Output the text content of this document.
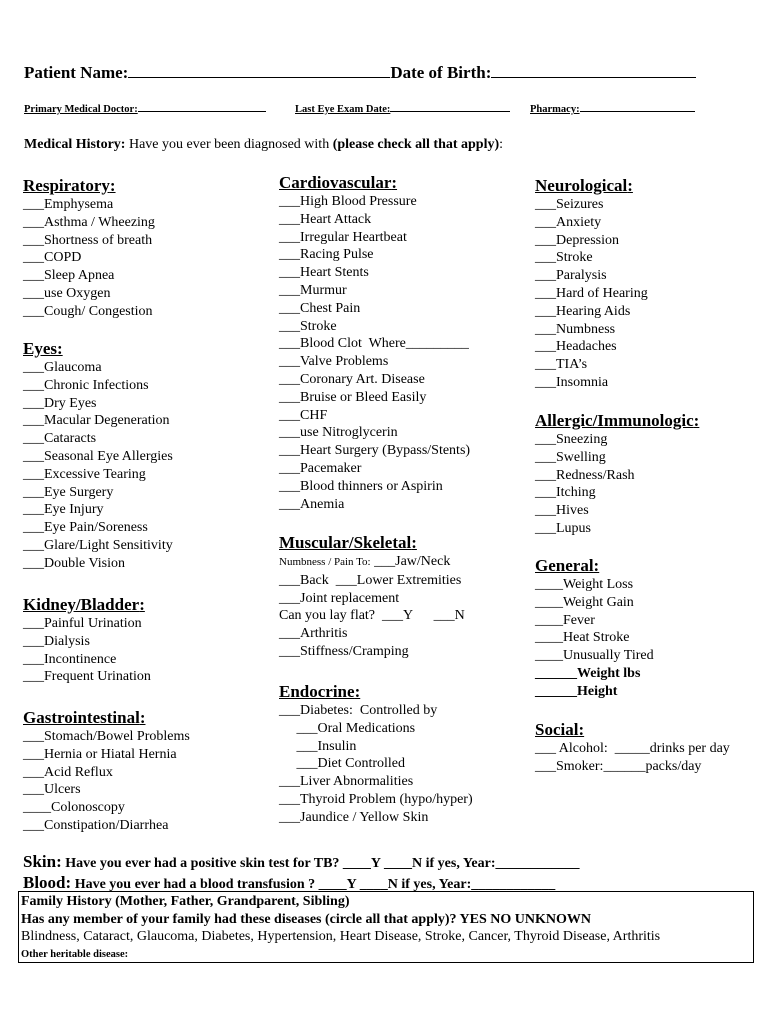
Patient Name:	Date of Birth:
Primary Medical Doctor:	Last Eye Exam Date:	Pharmacy:
Medical History: Have you ever been diagnosed with (please check all that apply):

Respiratory:

___Emphysema
___Asthma / Wheezing
___Shortness of breath
___COPD
___Sleep Apnea
___use Oxygen
___Cough/ Congestion

Eyes:

___Glaucoma
___Chronic Infections
___Dry Eyes
___Macular Degeneration
___Cataracts
___Seasonal Eye Allergies
___Excessive Tearing
___Eye Surgery
___Eye Injury
___Eye Pain/Soreness
___Glare/Light Sensitivity
___Double Vision

Kidney/Bladder:

___Painful Urination
___Dialysis
___Incontinence
___Frequent Urination

Gastrointestinal:

___Stomach/Bowel Problems
___Hernia or Hiatal Hernia
___Acid Reflux
___Ulcers
____Colonoscopy
___Constipation/Diarrhea

Cardiovascular:

___High Blood Pressure
___Heart Attack
___Irregular Heartbeat
___Racing Pulse
___Heart Stents
___Murmur
___Chest Pain
___Stroke
___Blood Clot  Where_________
___Valve Problems
___Coronary Art. Disease
___Bruise or Bleed Easily
___CHF
___use Nitroglycerin
___Heart Surgery (Bypass/Stents)
___Pacemaker
___Blood thinners or Aspirin
___Anemia

Muscular/Skeletal:

Numbness / Pain To: ___Jaw/Neck
___Back  ___Lower Extremities
___Joint replacement
Can you lay flat?  ___Y      ___N
___Arthritis
___Stiffness/Cramping

Endocrine:

___Diabetes:  Controlled by
___Oral Medications
___Insulin
___Diet Controlled
___Liver Abnormalities
___Thyroid Problem (hypo/hyper)
___Jaundice / Yellow Skin

Neurological:

___Seizures
___Anxiety
___Depression
___Stroke
___Paralysis
___Hard of Hearing
___Hearing Aids
___Numbness
___Headaches
___TIA’s
___Insomnia

Allergic/Immunologic:

___Sneezing
___Swelling
___Redness/Rash
___Itching
___Hives
___Lupus

General:

____Weight Loss
____Weight Gain
____Fever
____Heat Stroke
____Unusually Tired
______Weight lbs
______Height

Social:

___ Alcohol:  _____drinks per day
___Smoker:______packs/day
Skin: Have you ever had a positive skin test for TB? ____Y ____N if yes, Year:____________
Blood: Have you ever had a blood transfusion ? ____Y ____N if yes, Year:____________
Family History (Mother, Father, Grandparent, Sibling)
Has any member of your family had these diseases (circle all that apply)? YES NO UNKNOWN
Blindness, Cataract, Glaucoma, Diabetes, Hypertension, Heart Disease, Stroke, Cancer, Thyroid Disease, Arthritis
Other heritable disease:
